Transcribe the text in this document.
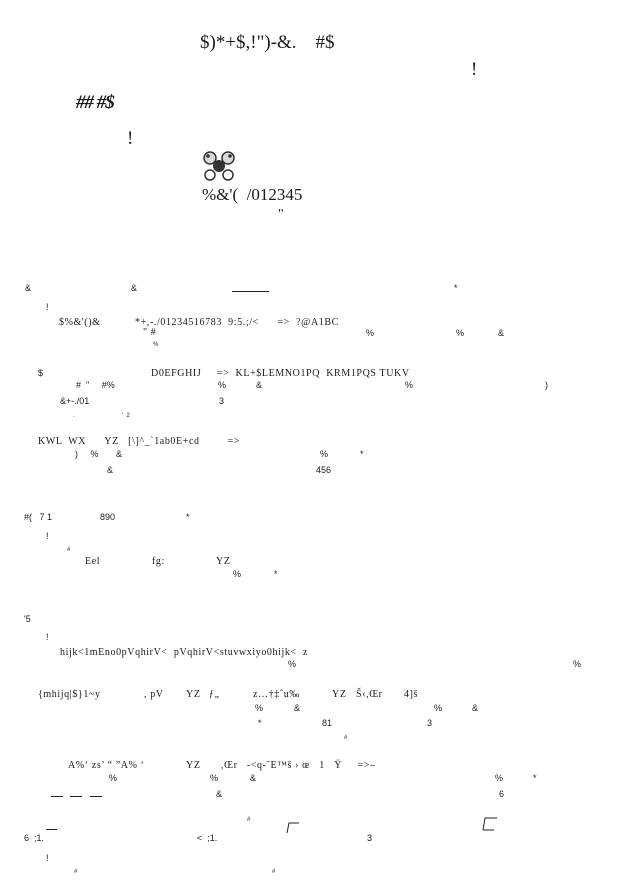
$)*+$,!")-&.    #$
!
## #$
!
%&'(  /012345
"
&	&	*
!
$%&'()&	*+,-./01234516783  9:5.;/<      =>  ?@A1BC
" #	%	%	&
%
$	D0EFGHIJ     =>  KL+$LEMNO1PQ  KRM1PQS TUKV
#  "     #%	%	&	%	)
&+-./01	3
.	'  2
KWL  WX      YZ   [\]^_`1ab0E+cd         =>
)     %       &	%	*
&	456
#(   7 1	890	*
!
#
Eel	fg:	YZ
%	*
'5
!
hijk<1mEno0pVqhirV<  pVqhirV<stuvwxiyo0hijk<  z
%	%
{mhijq|$}1~y	, pV YZ ƒ„	z…†‡ˆu‰	YZ Š‹,Œr 4]š
%	&	%	&
*	81	3
#
A%‘ zs’ “ ”A% ‘	YZ ,Œr   -<q-˜E™š › œ   1   Ÿ     =>–
%	%	&	%	*
&	6
#
6  ;1.	<  ;1.	3
!
#	#
